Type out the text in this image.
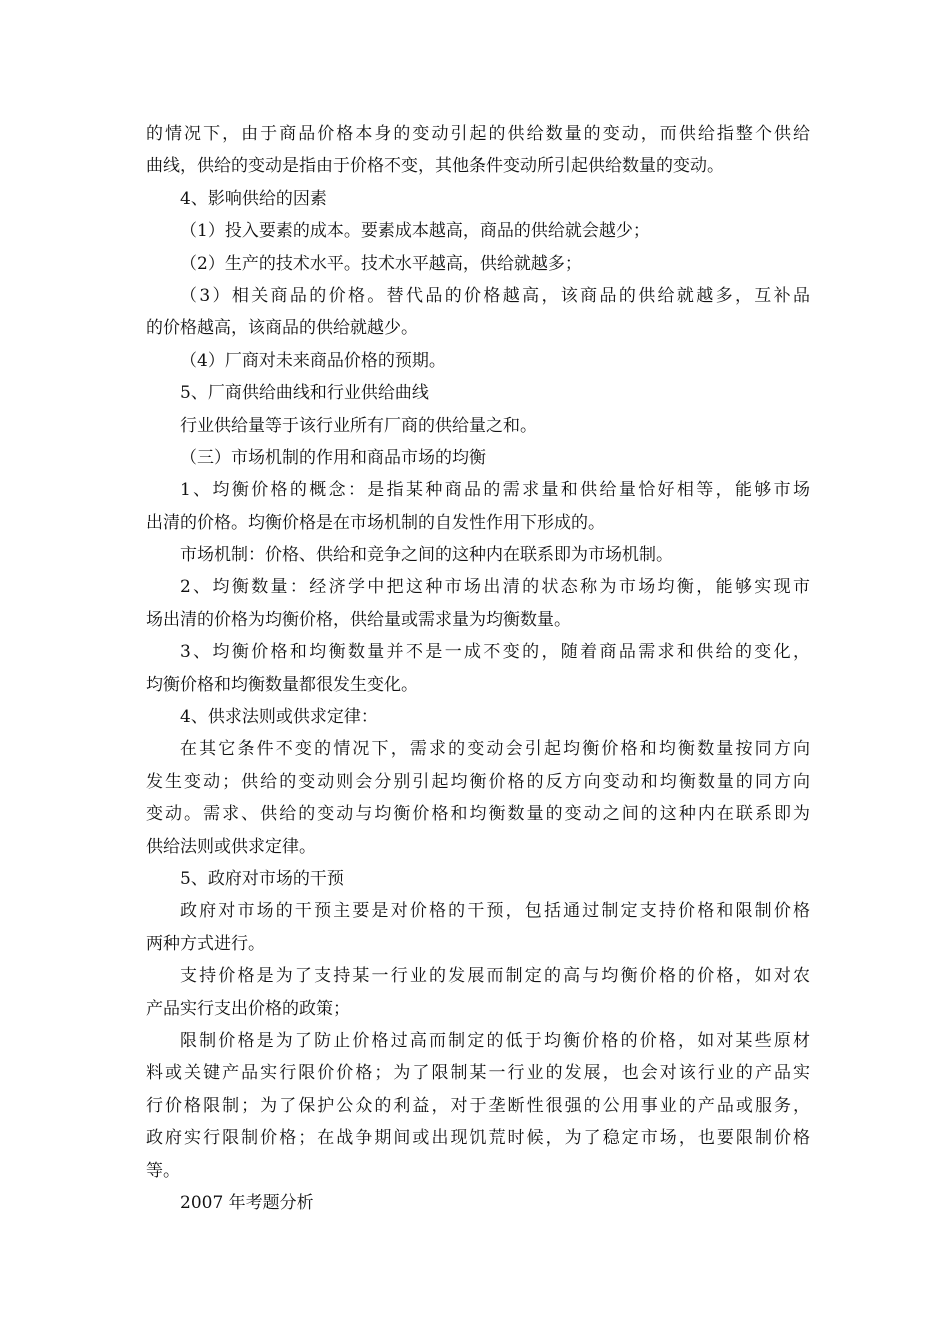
的情况下，由于商品价格本身的变动引起的供给数量的变动，而供给指整个供给
曲线，供给的变动是指由于价格不变，其他条件变动所引起供给数量的变动。
4、影响供给的因素
（1）投入要素的成本。要素成本越高，商品的供给就会越少；
（2）生产的技术水平。技术水平越高，供给就越多；
（3）相关商品的价格。替代品的价格越高，该商品的供给就越多，互补品
的价格越高，该商品的供给就越少。
（4）厂商对未来商品价格的预期。
5、厂商供给曲线和行业供给曲线
行业供给量等于该行业所有厂商的供给量之和。
（三）市场机制的作用和商品市场的均衡
1、均衡价格的概念：是指某种商品的需求量和供给量恰好相等，能够市场
出清的价格。均衡价格是在市场机制的自发性作用下形成的。
市场机制：价格、供给和竞争之间的这种内在联系即为市场机制。
2、均衡数量：经济学中把这种市场出清的状态称为市场均衡，能够实现市
场出清的价格为均衡价格，供给量或需求量为均衡数量。
3、均衡价格和均衡数量并不是一成不变的，随着商品需求和供给的变化，
均衡价格和均衡数量都很发生变化。
4、供求法则或供求定律：
在其它条件不变的情况下，需求的变动会引起均衡价格和均衡数量按同方向
发生变动；供给的变动则会分别引起均衡价格的反方向变动和均衡数量的同方向
变动。需求、供给的变动与均衡价格和均衡数量的变动之间的这种内在联系即为
供给法则或供求定律。
5、政府对市场的干预
政府对市场的干预主要是对价格的干预，包括通过制定支持价格和限制价格
两种方式进行。
支持价格是为了支持某一行业的发展而制定的高与均衡价格的价格，如对农
产品实行支出价格的政策；
限制价格是为了防止价格过高而制定的低于均衡价格的价格，如对某些原材
料或关键产品实行限价价格；为了限制某一行业的发展，也会对该行业的产品实
行价格限制；为了保护公众的利益，对于垄断性很强的公用事业的产品或服务，
政府实行限制价格；在战争期间或出现饥荒时候，为了稳定市场，也要限制价格
等。
2007 年考题分析
